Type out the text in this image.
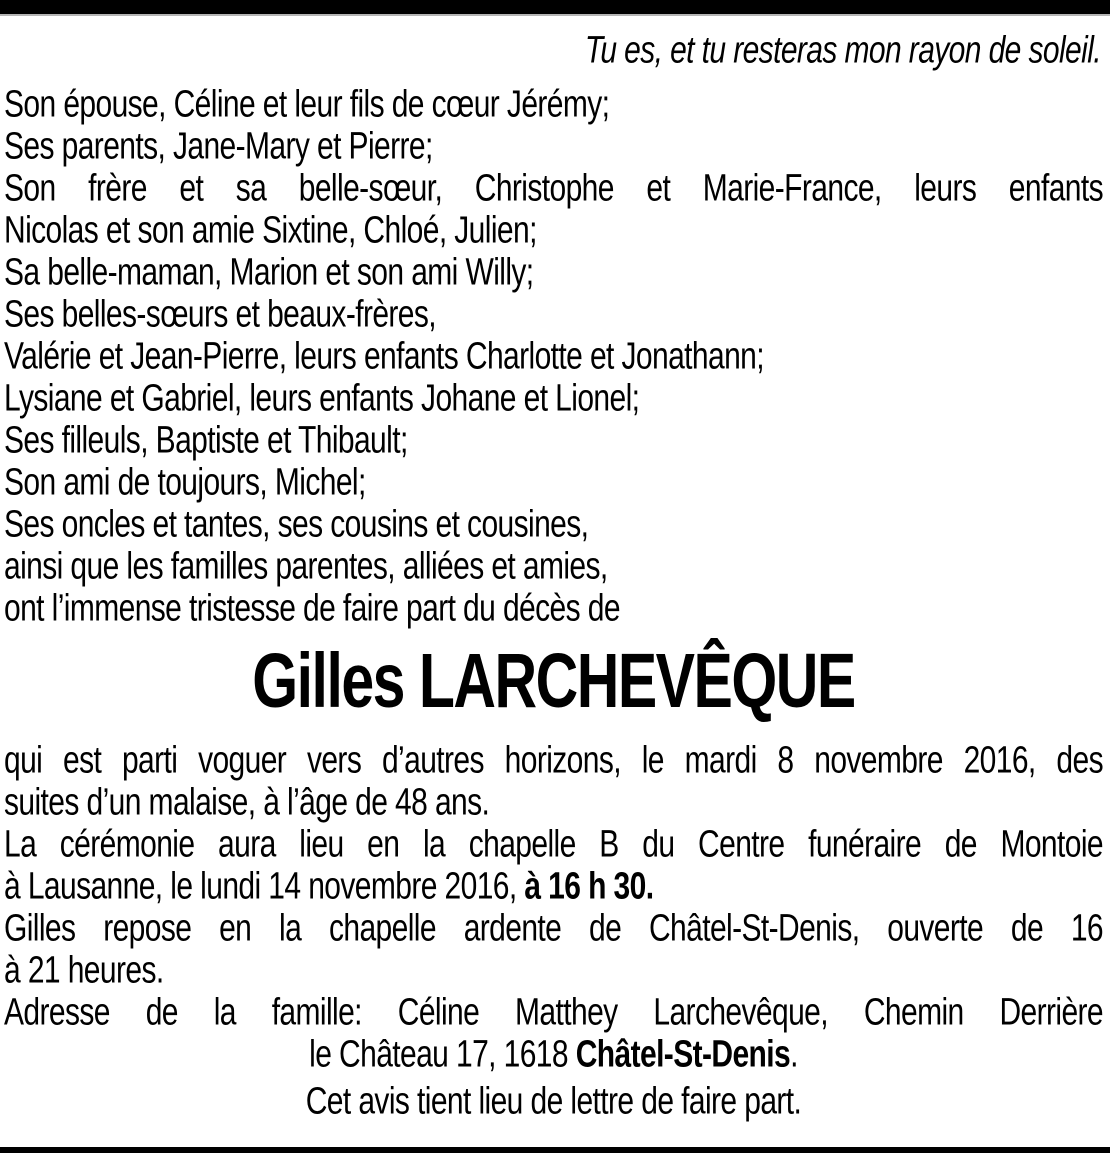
Tu es, et tu resteras mon rayon de soleil.
Son épouse, Céline et leur fils de cœur Jérémy;
Ses parents, Jane-Mary et Pierre;
Son frère et sa belle-sœur, Christophe et Marie-France, leurs enfants
Nicolas et son amie Sixtine, Chloé, Julien;
Sa belle-maman, Marion et son ami Willy;
Ses belles-sœurs et beaux-frères,
Valérie et Jean-Pierre, leurs enfants Charlotte et Jonathann;
Lysiane et Gabriel, leurs enfants Johane et Lionel;
Ses filleuls, Baptiste et Thibault;
Son ami de toujours, Michel;
Ses oncles et tantes, ses cousins et cousines,
ainsi que les familles parentes, alliées et amies,
ont l’immense tristesse de faire part du décès de
Gilles LARCHEVÊQUE
qui est parti voguer vers d’autres horizons, le mardi 8 novembre 2016, des
suites d’un malaise, à l’âge de 48 ans.
La cérémonie aura lieu en la chapelle B du Centre funéraire de Montoie
à Lausanne, le lundi 14 novembre 2016, à 16 h 30.
Gilles repose en la chapelle ardente de Châtel-St-Denis, ouverte de 16
à 21 heures.
Adresse de la famille: Céline Matthey Larchevêque, Chemin Derrière
le Château 17, 1618 Châtel-St-Denis.
Cet avis tient lieu de lettre de faire part.
